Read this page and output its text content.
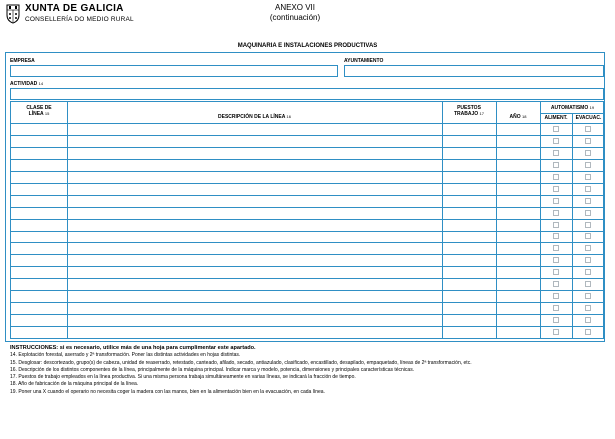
XUNTA DE GALICIA
CONSELLERÍA DO MEDIO RURAL
ANEXO VII
(continuación)
MAQUINARIA E INSTALACIONES PRODUCTIVAS
EMPRESA	AYUNTAMIENTO
ACTIVIDAD $^{14}$
CLASE DE
LÍNEA $^{15}$
DESCRIPCIÓN DE LA LÍNEA $^{16}$
PUESTOS
TRABAJO $^{17}$
AÑO $^{18}$
AUTOMATISMO $^{19}$
ALIMENT.	EVACUAC.
INSTRUCCIONES: si es necesario, utilice más de una hoja para cumplimentar este apartado.
14. Explotación forestal, aserrado y 2ª transformación. Poner las distintas actividades en hojas distintas.
15. Desglosar: descortezado, grupo(s) de cabeza, unidad de reaserrado, retestado, canteado, afilado, secado, antiazulado, clasificado, encastillado, desapilado, empaquetado, líneas de 2ª transformación, etc.
16. Descripción de los distintos componentes de la línea, principalmente de la máquina principal. Indicar marca y modelo, potencia, dimensiones y principales características técnicas.
17. Puestos de trabajo empleados en la línea productiva. Si una misma persona trabaja simultáneamente en varias líneas, se indicará la fracción de tiempo.
18. Año de fabricación de la máquina principal de la línea.
19. Poner una X cuando el operario no necesita coger la madera con las manos, bien en la alimentación bien en la evacuación, en cada línea.
